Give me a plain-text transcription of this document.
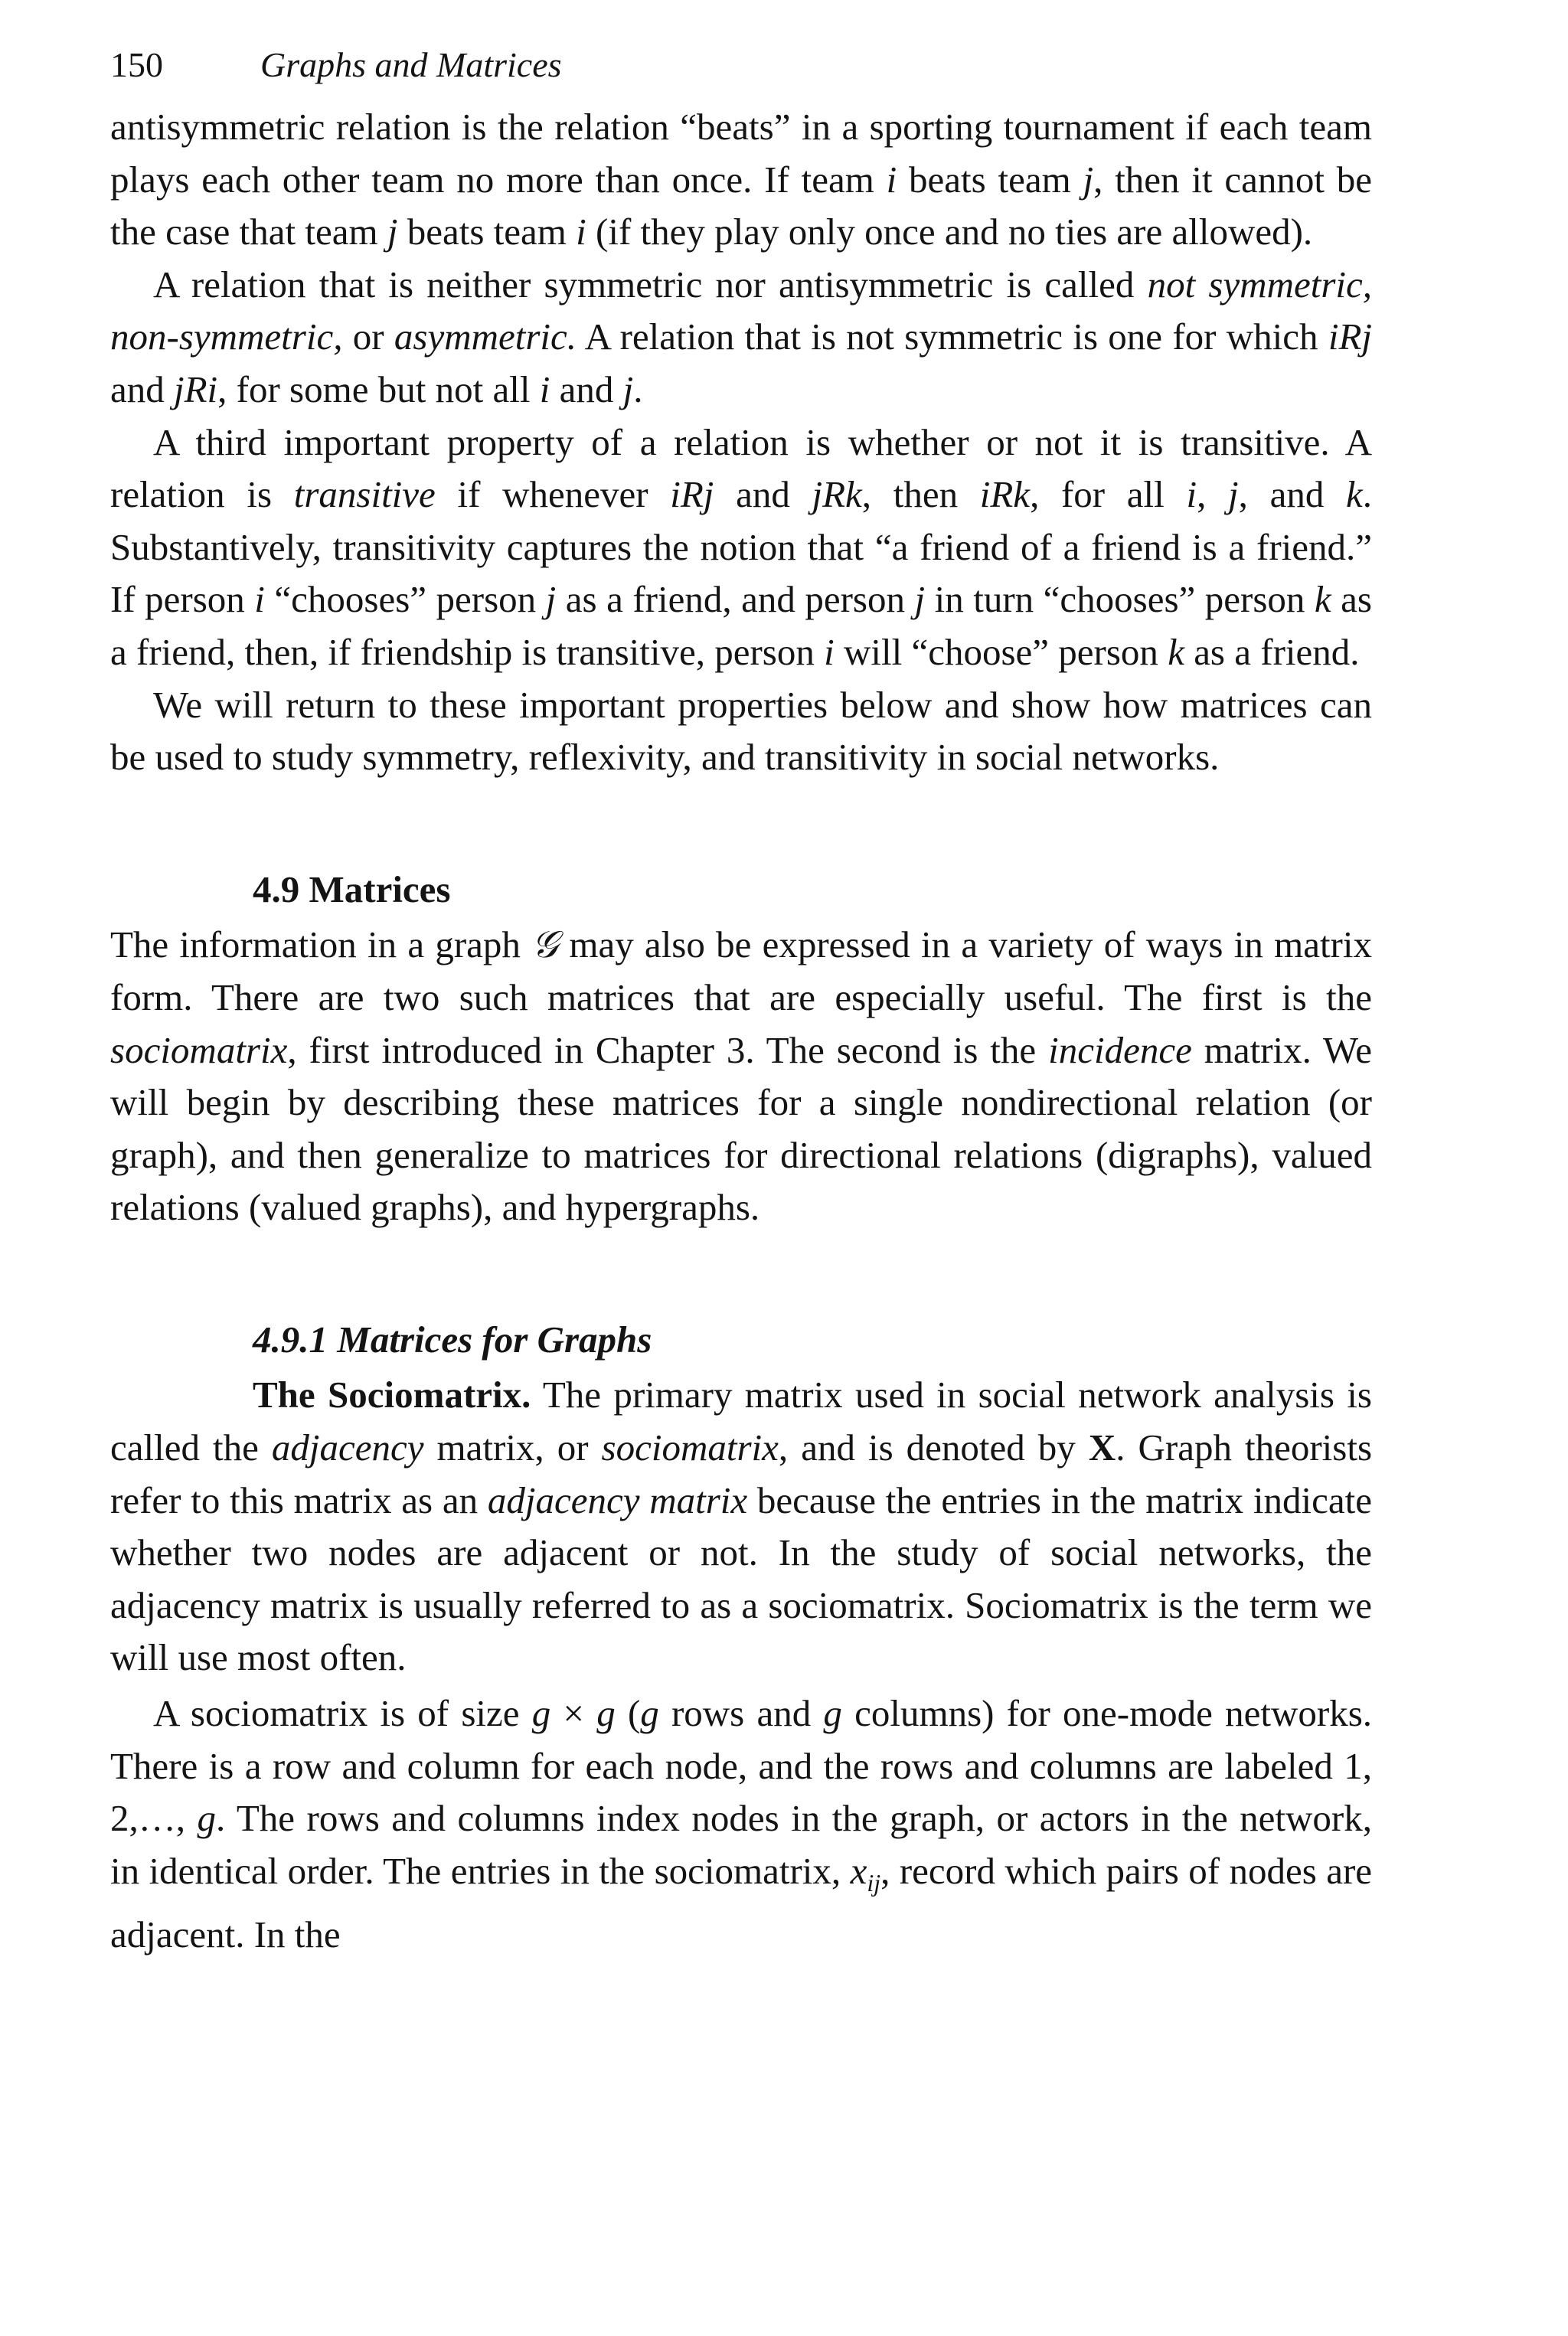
150	Graphs and Matrices

antisymmetric relation is the relation “beats” in a sporting tournament if each team plays each other team no more than once. If team i beats team j, then it cannot be the case that team j beats team i (if they play only once and no ties are allowed).

A relation that is neither symmetric nor antisymmetric is called not symmetric, non-symmetric, or asymmetric. A relation that is not symmetric is one for which iRj and jRi, for some but not all i and j.

A third important property of a relation is whether or not it is transitive. A relation is transitive if whenever iRj and jRk, then iRk, for all i, j, and k. Substantively, transitivity captures the notion that “a friend of a friend is a friend.” If person i “chooses” person j as a friend, and person j in turn “chooses” person k as a friend, then, if friendship is transitive, person i will “choose” person k as a friend.

We will return to these important properties below and show how matrices can be used to study symmetry, reflexivity, and transitivity in social networks.

4.9 Matrices

The information in a graph 𝒢 may also be expressed in a variety of ways in matrix form. There are two such matrices that are especially useful. The first is the sociomatrix, first introduced in Chapter 3. The second is the incidence matrix. We will begin by describing these matrices for a single nondirectional relation (or graph), and then generalize to matrices for directional relations (digraphs), valued relations (valued graphs), and hypergraphs.

4.9.1 Matrices for Graphs

The Sociomatrix. The primary matrix used in social network analysis is called the adjacency matrix, or sociomatrix, and is denoted by X. Graph theorists refer to this matrix as an adjacency matrix because the entries in the matrix indicate whether two nodes are adjacent or not. In the study of social networks, the adjacency matrix is usually referred to as a sociomatrix. Sociomatrix is the term we will use most often.

A sociomatrix is of size g × g (g rows and g columns) for one-mode networks. There is a row and column for each node, and the rows and columns are labeled 1, 2,…, g. The rows and columns index nodes in the graph, or actors in the network, in identical order. The entries in the sociomatrix, $x_{ij}$, record which pairs of nodes are adjacent. In the
